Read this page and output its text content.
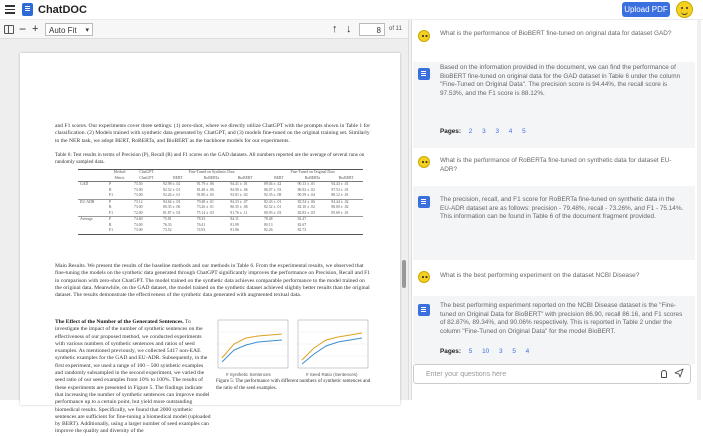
ChatDOC	Upload PDF
− +	Auto Fit ▾	↑ ↓	8	of 11
and F1 scores. Our experiments cover three settings: (1) zero-shot, where we directly utilize ChatGPT with the prompts shown in Table 1 for classification. (2) Models trained with synthetic data generated by ChatGPT, and (3) models fine-tuned on the original training set. Similarly to the NER task, we adopt BERT, RoBERTa, and BioBERT as the backbone models for our experiments.
Table 6: Test results in terms of Precision (P), Recall (R) and F1 scores on the GAD datasets. All numbers reported are the average of several runs on randomly sampled data.
	Method	ChatGPT	Fine-Tuned on Synthetic Data			Fine-Tuned on Original Data		
	Metric	ChatGPT	BERT	RoBERTa	BioBERT	BERT	RoBERTa	BioBERT
GAD	P	73.50	92.98 ± .02	91.79 ± .06	94.41 ± .01	89.04 ± .42	90.13 ± .01	94.43 ± .01
	R	73.00	82.52 ± .01	81.48 ± .06	84.90 ± .06	86.07 ± .03	86.92 ± .02	97.53 ± .01
	F1	73.00	92.26 ± .01	91.80 ± .05	93.81 ± .02	92.35 ± .08	90.59 ± .04	88.12 ± .01
EU-ADR	P	73.12	84.64 ± .03	79.48 ± .01	84.33 ± .07	82.43 ± .01	82.54 ± .06	84.44 ± .02
	R	73.00	80.35 ± .06	73.26 ± .01	80.35 ± .06	82.52 ± .01	82.10 ± .02	88.00 ± .02
	F1	72.00	81.87 ± .03	75.14 ± .03	81.76 ± .11	80.93 ± .03	82.83 ± .03	85.69 ± .01
Average	P	74.60	75.81	78.33	84.11	78.48	82.47	
	R	74.00	76.33	76.41	81.99	80.13	82.67	
	F1	73.00	73.52	74.93	81.86	82.26	82.73	
Main Results. We present the results of the baseline methods and our methods in Table 6. From the experimental results, we observed that fine-tuning the models on the synthetic data generated through ChatGPT significantly improves the performance on Precision, Recall and F1 in comparison with zero-shot ChatGPT. The model trained on the synthetic data achieves comparable performance to the model trained on the original data. Meanwhile, on the GAD dataset, the model trained on the synthetic dataset achieved slightly better results than the original dataset. The results demonstrate the effectiveness of the synthetic data generated with augmented textual data.
The Effect of the Number of the Generated Sentences. To investigate the impact of the number of synthetic sentences on the effectiveness of our proposed method, we conducted experiments with various numbers of synthetic sentences and ratios of seed examples. As mentioned previously, we collected 5417 non-EAE synthetic examples for the GAD and EU-ADR. Subsequently, in the first experiment, we used a range of 100 – 500 synthetic examples and randomly subsampled in the second experiment, we varied the seed ratio of our seed examples from 10% to 100%. The results of these experiments are presented in Figure 5. The findings indicate that increasing the number of synthetic sentences can improve model performance up to a certain point, but yield more outstanding biomedical results. Specifically, we found that 2000 synthetic sentences are sufficient for fine-tuning a biomedical model (uploaded by BERT). Additionally, using a larger number of seed examples can improve the quality and diversity of the
# Synthetic Sentences	# Seed Ratio (Sentences)
Figure 5: The performance with different numbers of synthetic sentences and the ratio of the seed examples.
What is the performance of BioBERT fine-tuned on original data for dataset GAD?
Based on the information provided in the document, we can find the performance of BioBERT fine-tuned on original data for the GAD dataset in Table 6 under the column "Fine-Tuned on Original Data". The precision score is 94.44%, the recall score is 97.53%, and the F1 score is 88.12%.
Pages: 2 3 3 4 5
What is the performance of RoBERTa fine-tuned on synthetic data for dataset EU-ADR?
The precision, recall, and F1 score for RoBERTa fine-tuned on synthetic data in the EU-ADR dataset are as follows: precision - 79.48%, recall - 73.26%, and F1 - 75.14%. This information can be found in Table 6 of the document fragment provided.
What is the best performing experiment on the dataset NCBI Disease?
The best performing experiment reported on the NCBI Disease dataset is the "Fine-tuned on Original Data for BioBERT" with precision 86.90, recall 86.16, and F1 scores of 82.87%, 89.34%, and 90.06% respectively. This is reported in Table 2 under the column "Fine-Tuned on Original Data" for the model BioBERT.
Pages: 5 10 3 5 4
Enter your questions here
